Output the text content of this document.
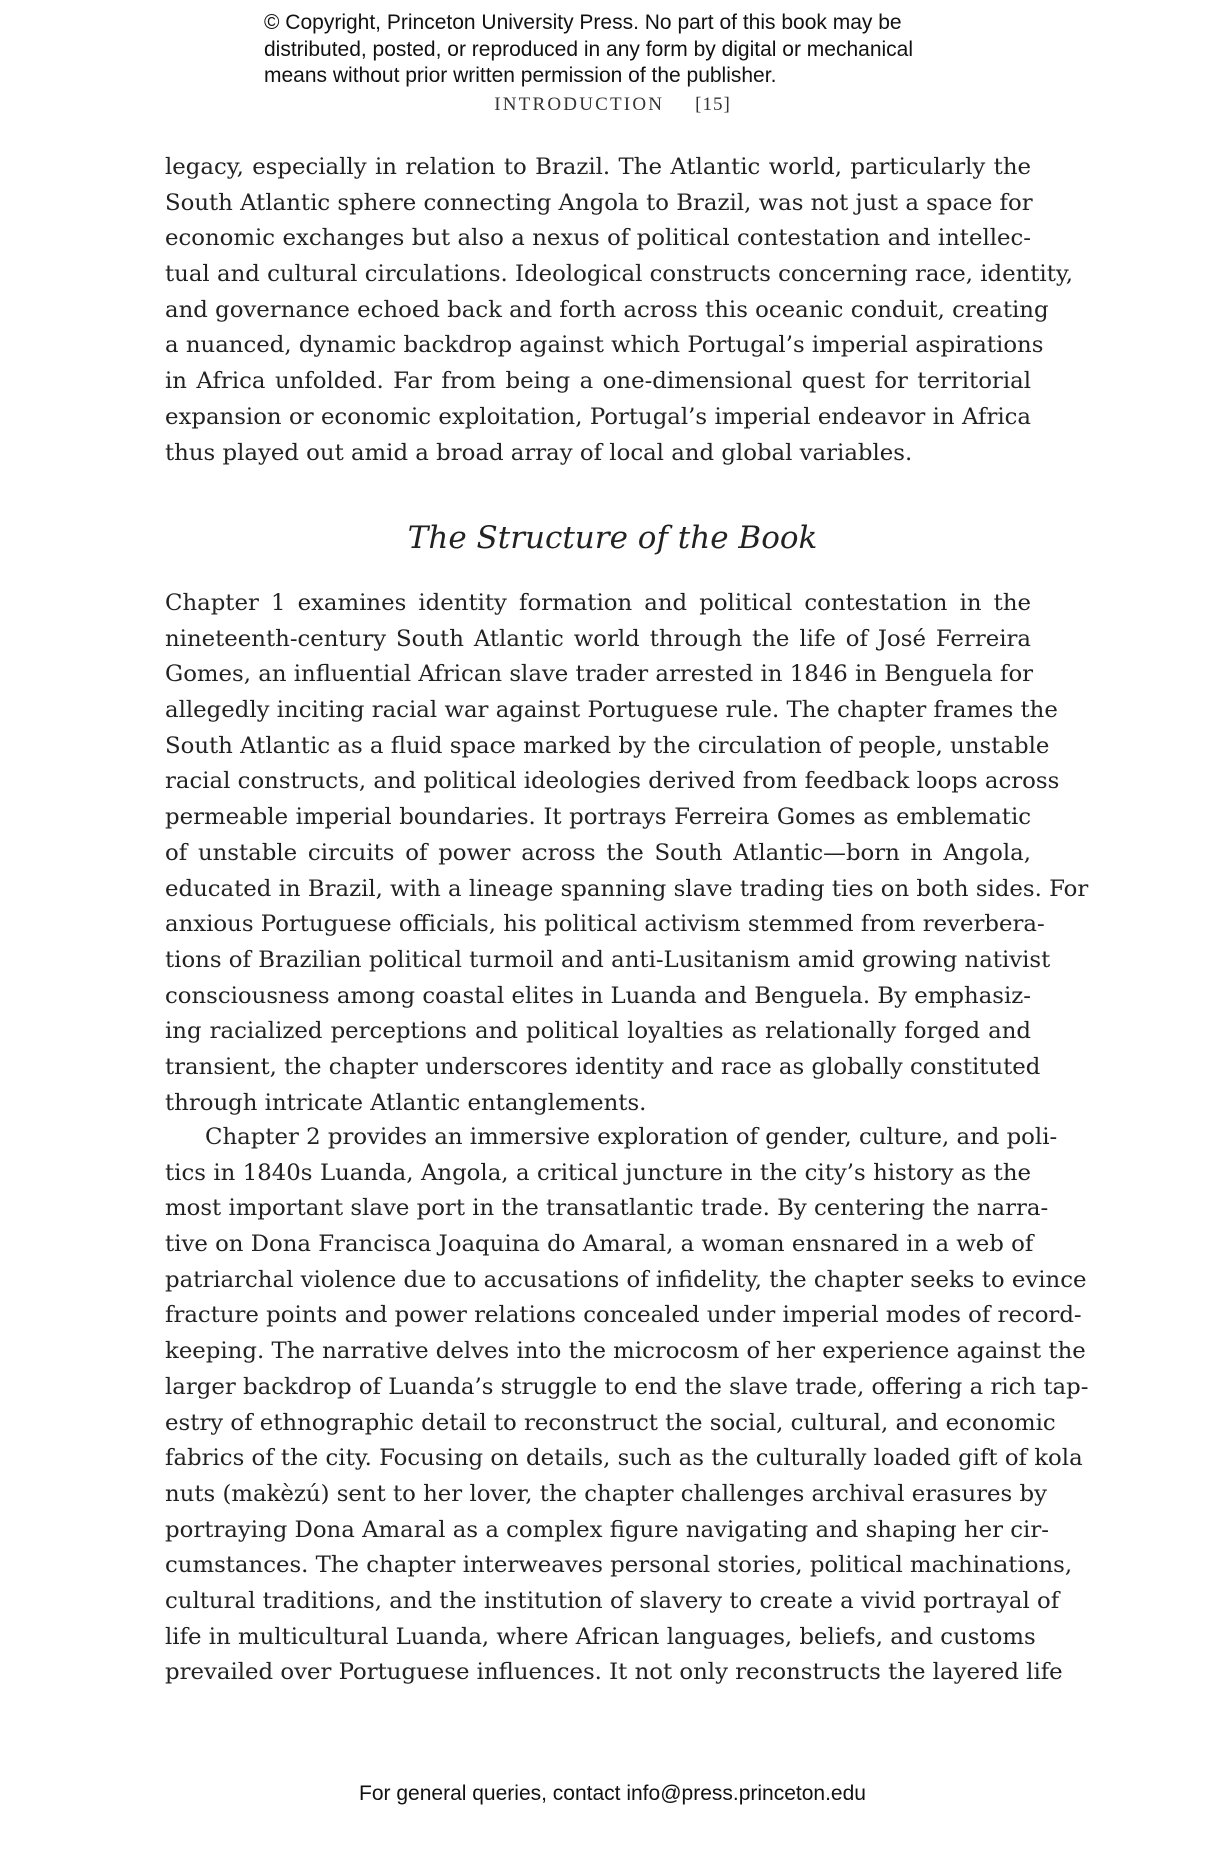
© Copyright, Princeton University Press. No part of this book may be
distributed, posted, or reproduced in any form by digital or mechanical
means without prior written permission of the publisher.
INTRODUCTION [15]
legacy, especially in relation to Brazil. The Atlantic world, particularly the
South Atlantic sphere connecting Angola to Brazil, was not just a space for
economic exchanges but also a nexus of political contestation and intellec-
tual and cultural circulations. Ideological constructs concerning race, identity,
and governance echoed back and forth across this oceanic conduit, creating
a nuanced, dynamic backdrop against which Portugal’s imperial aspirations
in Africa unfolded. Far from being a one-dimensional quest for territorial
expansion or economic exploitation, Portugal’s imperial endeavor in Africa
thus played out amid a broad array of local and global variables.
The Structure of the Book
Chapter 1 examines identity formation and political contestation in the
nineteenth-century South Atlantic world through the life of José Ferreira
Gomes, an influential African slave trader arrested in 1846 in Benguela for
allegedly inciting racial war against Portuguese rule. The chapter frames the
South Atlantic as a fluid space marked by the circulation of people, unstable
racial constructs, and political ideologies derived from feedback loops across
permeable imperial boundaries. It portrays Ferreira Gomes as emblematic
of unstable circuits of power across the South Atlantic—born in Angola,
educated in Brazil, with a lineage spanning slave trading ties on both sides. For
anxious Portuguese officials, his political activism stemmed from reverbera-
tions of Brazilian political turmoil and anti-Lusitanism amid growing nativist
consciousness among coastal elites in Luanda and Benguela. By emphasiz-
ing racialized perceptions and political loyalties as relationally forged and
transient, the chapter underscores identity and race as globally constituted
through intricate Atlantic entanglements.
Chapter 2 provides an immersive exploration of gender, culture, and poli-
tics in 1840s Luanda, Angola, a critical juncture in the city’s history as the
most important slave port in the transatlantic trade. By centering the narra-
tive on Dona Francisca Joaquina do Amaral, a woman ensnared in a web of
patriarchal violence due to accusations of infidelity, the chapter seeks to evince
fracture points and power relations concealed under imperial modes of record-
keeping. The narrative delves into the microcosm of her experience against the
larger backdrop of Luanda’s struggle to end the slave trade, offering a rich tap-
estry of ethnographic detail to reconstruct the social, cultural, and economic
fabrics of the city. Focusing on details, such as the culturally loaded gift of kola
nuts (makèzú) sent to her lover, the chapter challenges archival erasures by
portraying Dona Amaral as a complex figure navigating and shaping her cir-
cumstances. The chapter interweaves personal stories, political machinations,
cultural traditions, and the institution of slavery to create a vivid portrayal of
life in multicultural Luanda, where African languages, beliefs, and customs
prevailed over Portuguese influences. It not only reconstructs the layered life
For general queries, contact info@press.princeton.edu
